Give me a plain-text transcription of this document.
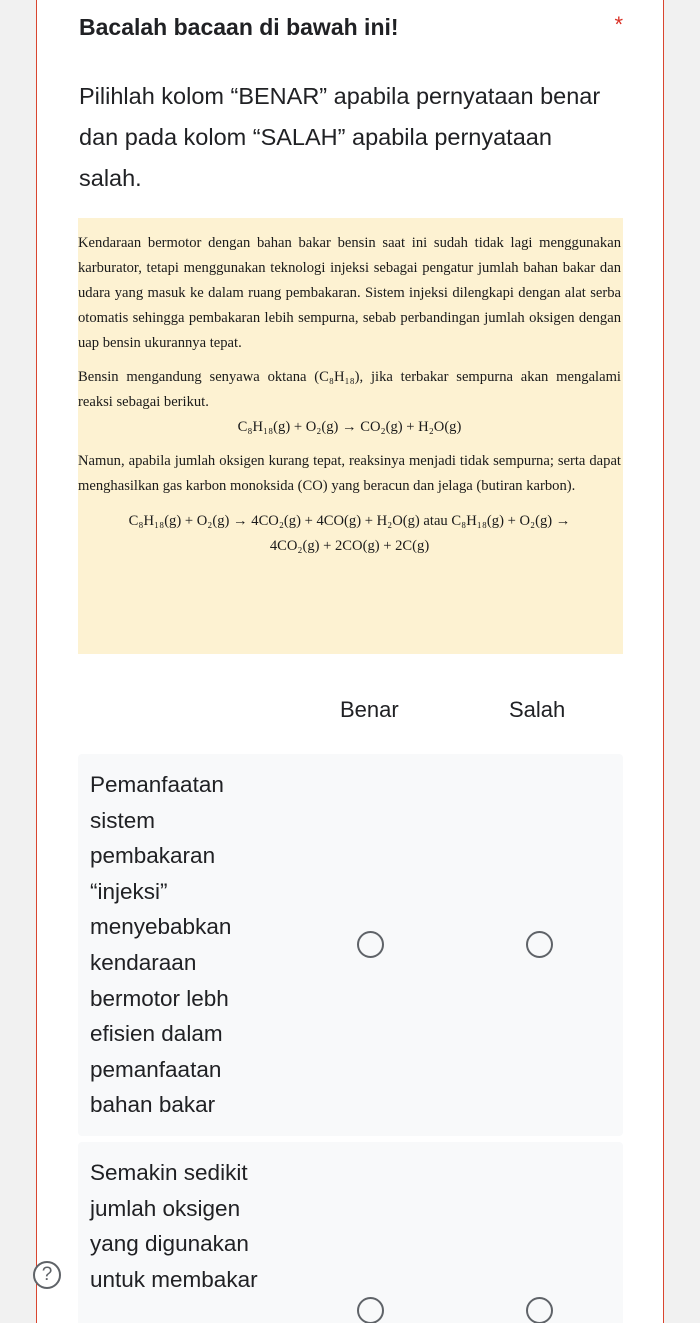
Bacalah bacaan di bawah ini!	*
Pilihlah kolom “BENAR” apabila pernyataan benar dan pada kolom “SALAH” apabila pernyataan salah.

Kendaraan bermotor dengan bahan bakar bensin saat ini sudah tidak lagi menggunakan karburator, tetapi menggunakan teknologi injeksi sebagai pengatur jumlah bahan bakar dan udara yang masuk ke dalam ruang pembakaran. Sistem injeksi dilengkapi dengan alat serba otomatis sehingga pembakaran lebih sempurna, sebab perbandingan jumlah oksigen dengan uap bensin ukurannya tepat.

Bensin mengandung senyawa oktana (C₈H₁₈), jika terbakar sempurna akan mengalami reaksi sebagai berikut.

C₈H₁₈(g) + O₂(g) → CO₂(g) + H₂O(g)

Namun, apabila jumlah oksigen kurang tepat, reaksinya menjadi tidak sempurna; serta dapat menghasilkan gas karbon monoksida (CO) yang beracun dan jelaga (butiran karbon).

C₈H₁₈(g) + O₂(g) → 4CO₂(g) + 4CO(g) + H₂O(g) atau C₈H₁₈(g) + O₂(g) →

4CO₂(g) + 2CO(g) + 2C(g)

Benar	Salah
Pemanfaatan sistem pembakaran “injeksi” menyebabkan kendaraan bermotor lebh efisien dalam pemanfaatan bahan bakar
Semakin sedikit jumlah oksigen yang digunakan untuk membakar
?
